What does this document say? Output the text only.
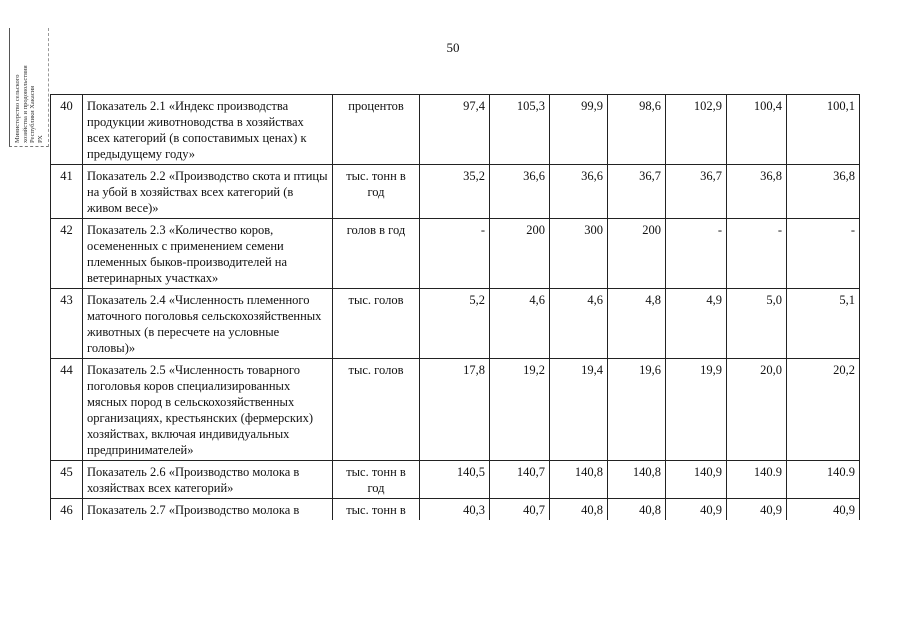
50
Министерство сельского хозяйства и продовольствия Республики Хакасия РХ
40	Показатель 2.1 «Индекс производства продукции животноводства в хозяйствах всех категорий (в сопоставимых ценах) к предыдущему году»	процентов	97,4	105,3	99,9	98,6	102,9	100,4	100,1
41	Показатель 2.2 «Производство скота и птицы на убой в хозяйствах всех категорий (в живом весе)»	тыс. тонн в год	35,2	36,6	36,6	36,7	36,7	36,8	36,8
42	Показатель 2.3 «Количество коров, осемененных с применением семени племенных быков-производителей на ветеринарных участках»	голов в год	-	200	300	200	-	-	-
43	Показатель 2.4 «Численность племенного маточного поголовья сельскохозяйственных животных (в пересчете на условные головы)»	тыс. голов	5,2	4,6	4,6	4,8	4,9	5,0	5,1
44	Показатель 2.5 «Численность товарного поголовья коров специализированных мясных пород в сельскохозяйственных организациях, крестьянских (фермерских) хозяйствах, включая индивидуальных предпринимателей»	тыс. голов	17,8	19,2	19,4	19,6	19,9	20,0	20,2
45	Показатель 2.6 «Производство молока в хозяйствах всех категорий»	тыс. тонн в год	140,5	140,7	140,8	140,8	140,9	140.9	140.9
46	Показатель 2.7 «Производство молока в	тыс. тонн в	40,3	40,7	40,8	40,8	40,9	40,9	40,9
